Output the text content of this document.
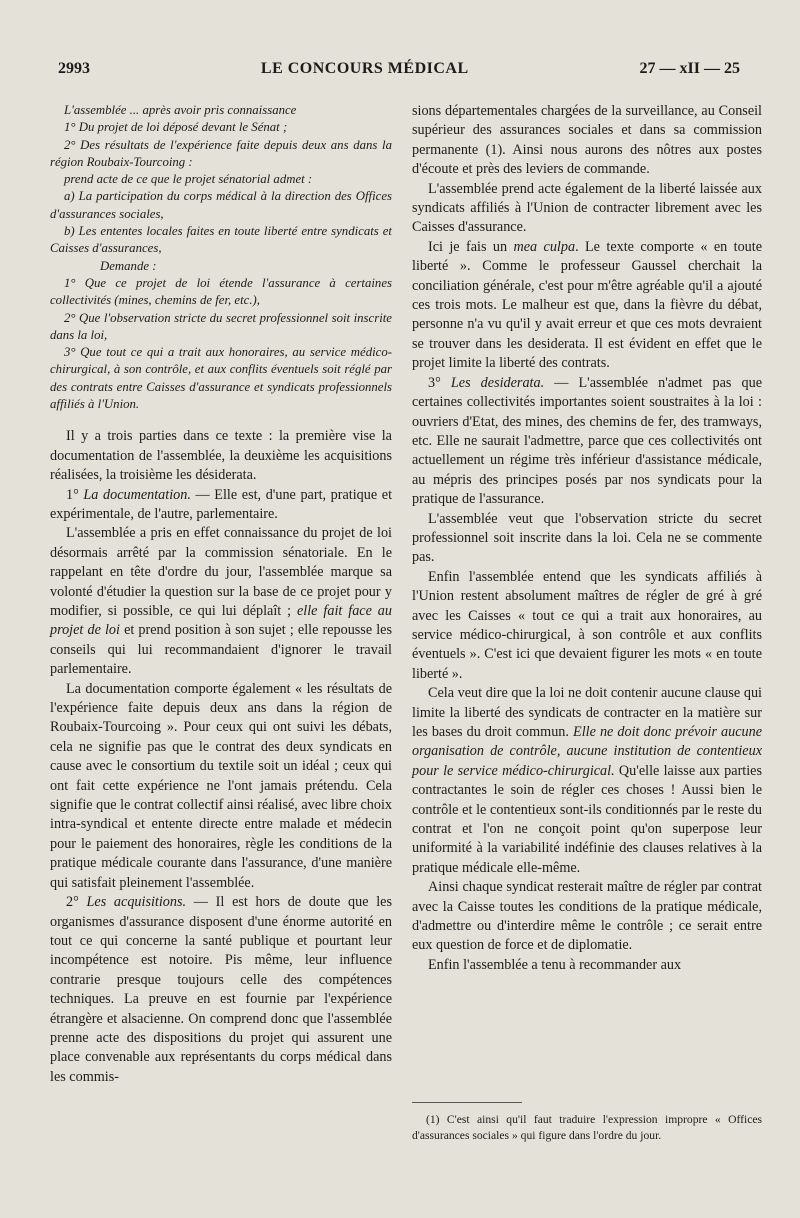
2993	LE CONCOURS MÉDICAL	27 — xII — 25

L'assemblée ... après avoir pris connaissance

1° Du projet de loi déposé devant le Sénat ;

2° Des résultats de l'expérience faite depuis deux ans dans la région Roubaix-Tourcoing :

prend acte de ce que le projet sénatorial admet :

a) La participation du corps médical à la direction des Offices d'assurances sociales,

b) Les ententes locales faites en toute liberté entre syndicats et Caisses d'assurances,

Demande :

1° Que ce projet de loi étende l'assurance à certaines collectivités (mines, chemins de fer, etc.),

2° Que l'observation stricte du secret professionnel soit inscrite dans la loi,

3° Que tout ce qui a trait aux honoraires, au service médico-chirurgical, à son contrôle, et aux conflits éventuels soit réglé par des contrats entre Caisses d'assurance et syndicats professionnels affiliés à l'Union.

Il y a trois parties dans ce texte : la première vise la documentation de l'assemblée, la deuxième les acquisitions réalisées, la troisième les désiderata.

1° La documentation. — Elle est, d'une part, pratique et expérimentale, de l'autre, parlementaire.

L'assemblée a pris en effet connaissance du projet de loi désormais arrêté par la commission sénatoriale. En le rappelant en tête d'ordre du jour, l'assemblée marque sa volonté d'étudier la question sur la base de ce projet pour y modifier, si possible, ce qui lui déplaît ; elle fait face au projet de loi et prend position à son sujet ; elle repousse les conseils qui lui recommandaient d'ignorer le travail parlementaire.

La documentation comporte également « les résultats de l'expérience faite depuis deux ans dans la région de Roubaix-Tourcoing ». Pour ceux qui ont suivi les débats, cela ne signifie pas que le contrat des deux syndicats en cause avec le consortium du textile soit un idéal ; ceux qui ont fait cette expérience ne l'ont jamais prétendu. Cela signifie que le contrat collectif ainsi réalisé, avec libre choix intra-syndical et entente directe entre malade et médecin pour le paiement des honoraires, règle les conditions de la pratique médicale courante dans l'assurance, d'une manière qui satisfait pleinement l'assemblée.

2° Les acquisitions. — Il est hors de doute que les organismes d'assurance disposent d'une énorme autorité en tout ce qui concerne la santé publique et pourtant leur incompétence est notoire. Pis même, leur influence contrarie presque toujours celle des compétences techniques. La preuve en est fournie par l'expérience étrangère et alsacienne. On comprend donc que l'assemblée prenne acte des dispositions du projet qui assurent une place convenable aux représentants du corps médical dans les commis-

sions départementales chargées de la surveillance, au Conseil supérieur des assurances sociales et dans sa commission permanente (1). Ainsi nous aurons des nôtres aux postes d'écoute et près des leviers de commande.

L'assemblée prend acte également de la liberté laissée aux syndicats affiliés à l'Union de contracter librement avec les Caisses d'assurance.

Ici je fais un mea culpa. Le texte comporte « en toute liberté ». Comme le professeur Gaussel cherchait la conciliation générale, c'est pour m'être agréable qu'il a ajouté ces trois mots. Le malheur est que, dans la fièvre du débat, personne n'a vu qu'il y avait erreur et que ces mots devraient se trouver dans les desiderata. Il est évident en effet que le projet limite la liberté des contrats.

3° Les desiderata. — L'assemblée n'admet pas que certaines collectivités importantes soient soustraites à la loi : ouvriers d'Etat, des mines, des chemins de fer, des tramways, etc. Elle ne saurait l'admettre, parce que ces collectivités ont actuellement un régime très inférieur d'assistance médicale, au mépris des principes posés par nos syndicats pour la pratique de l'assurance.

L'assemblée veut que l'observation stricte du secret professionnel soit inscrite dans la loi. Cela ne se commente pas.

Enfin l'assemblée entend que les syndicats affiliés à l'Union restent absolument maîtres de régler de gré à gré avec les Caisses « tout ce qui a trait aux honoraires, au service médico-chirurgical, à son contrôle et aux conflits éventuels ». C'est ici que devaient figurer les mots « en toute liberté ».

Cela veut dire que la loi ne doit contenir aucune clause qui limite la liberté des syndicats de contracter en la matière sur les bases du droit commun. Elle ne doit donc prévoir aucune organisation de contrôle, aucune institution de contentieux pour le service médico-chirurgical. Qu'elle laisse aux parties contractantes le soin de régler ces choses ! Aussi bien le contrôle et le contentieux sont-ils conditionnés par le reste du contrat et l'on ne conçoit point qu'on superpose leur uniformité à la variabilité indéfinie des clauses relatives à la pratique médicale elle-même.

Ainsi chaque syndicat resterait maître de régler par contrat avec la Caisse toutes les conditions de la pratique médicale, d'admettre ou d'interdire même le contrôle ; ce serait entre eux question de force et de diplomatie.

Enfin l'assemblée a tenu à recommander aux

(1) C'est ainsi qu'il faut traduire l'expression impropre « Offices d'assurances sociales » qui figure dans l'ordre du jour.
